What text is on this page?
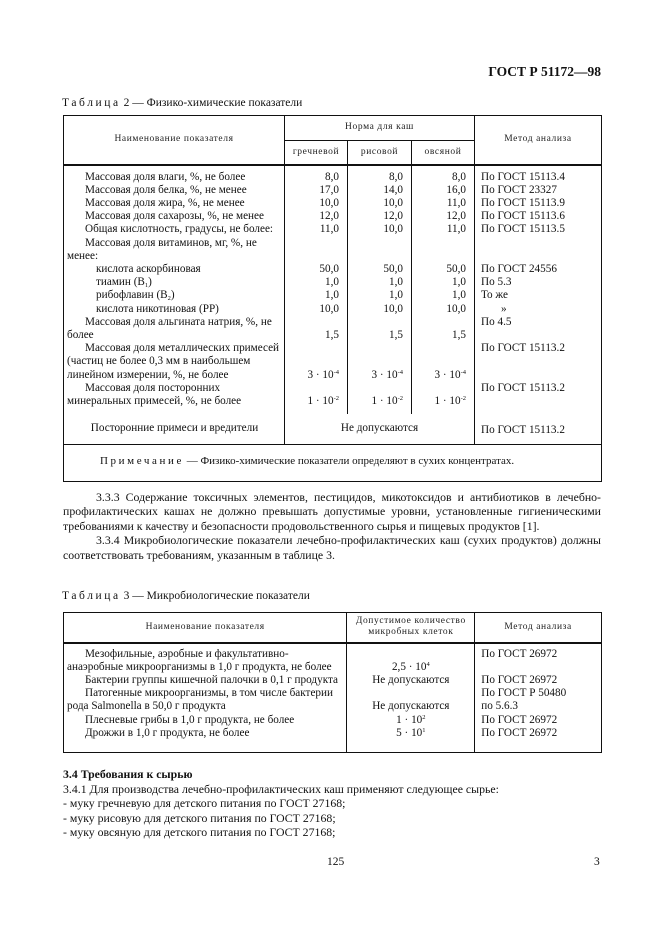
ГОСТ Р 51172—98
Таблица 2 — Физико-химические показатели
Наименование показателя	Норма для каш			Метод анализа
	гречневой	рисовой	овсяной	
Массовая доля влаги, %, не более	8,0	8,0	8,0	По ГОСТ 15113.4
Массовая доля белка, %, не менее	17,0	14,0	16,0	По ГОСТ 23327
Массовая доля жира, %, не менее	10,0	10,0	11,0	По ГОСТ 15113.9
Массовая доля сахарозы, %, не менее	12,0	12,0	12,0	По ГОСТ 15113.6
Общая кислотность, градусы, не более:	11,0	10,0	11,0	По ГОСТ 15113.5
Массовая доля витаминов, мг, %, не менее:				
кислота аскорбиновая	50,0	50,0	50,0	По ГОСТ 24556
тиамин $(B_1)$	1,0	1,0	1,0	По 5.3
рибофлавин $(B_2)$	1,0	1,0	1,0	То же
кислота никотиновая (PP)	10,0	10,0	10,0	»
Массовая доля альгината натрия, %, не более	1,5	1,5	1,5	По 4.5
Массовая доля металлических примесей (частиц не более 0,3 мм в наибольшем линейном измерении, %, не более	$3 \cdot 10^{-4}$	$3 \cdot 10^{-4}$	$3 \cdot 10^{-4}$	По ГОСТ 15113.2
Массовая доля посторонних минеральных примесей, %, не более	$1 \cdot 10^{-2}$	$1 \cdot 10^{-2}$	$1 \cdot 10^{-2}$	По ГОСТ 15113.2
Посторонние примеси и вредители	Не допускаются			По ГОСТ 15113.2
Примечание — Физико-химические показатели определяют в сухих концентратах.				

3.3.3 Содержание токсичных элементов, пестицидов, микотоксидов и антибиотиков в лечебно-профилактических кашах не должно превышать допустимые уровни, установленные гигиеническими требованиями к качеству и безопасности продовольственного сырья и пищевых продуктов [1].

3.3.4 Микробиологические показатели лечебно-профилактических каш (сухих продуктов) должны соответствовать требованиям, указанным в таблице 3.

Таблица 3 — Микробиологические показатели
Наименование показателя	Допустимое количество микробных клеток	Метод анализа
Мезофильные, аэробные и факультативно-анаэробные микроорганизмы в 1,0 г продукта, не более	$2,5 \cdot 10^4$	По ГОСТ 26972
Бактерии группы кишечной палочки в 0,1 г продукта	Не допускаются	По ГОСТ 26972
Патогенные микроорганизмы, в том числе бактерии рода Salmonella в 50,0 г продукта	Не допускаются	По ГОСТ Р 50480
по 5.6.3

Плесневые грибы в 1,0 г продукта, не более	$1 \cdot 10^2$	По ГОСТ 26972
Дрожжи в 1,0 г продукта, не более	$5 \cdot 10^1$	По ГОСТ 26972
3.4 Требования к сырью
3.4.1 Для производства лечебно-профилактических каш применяют следующее сырье:
- муку гречневую для детского питания по ГОСТ 27168;
- муку рисовую для детского питания по ГОСТ 27168;
- муку овсяную для детского питания по ГОСТ 27168;
125	3
